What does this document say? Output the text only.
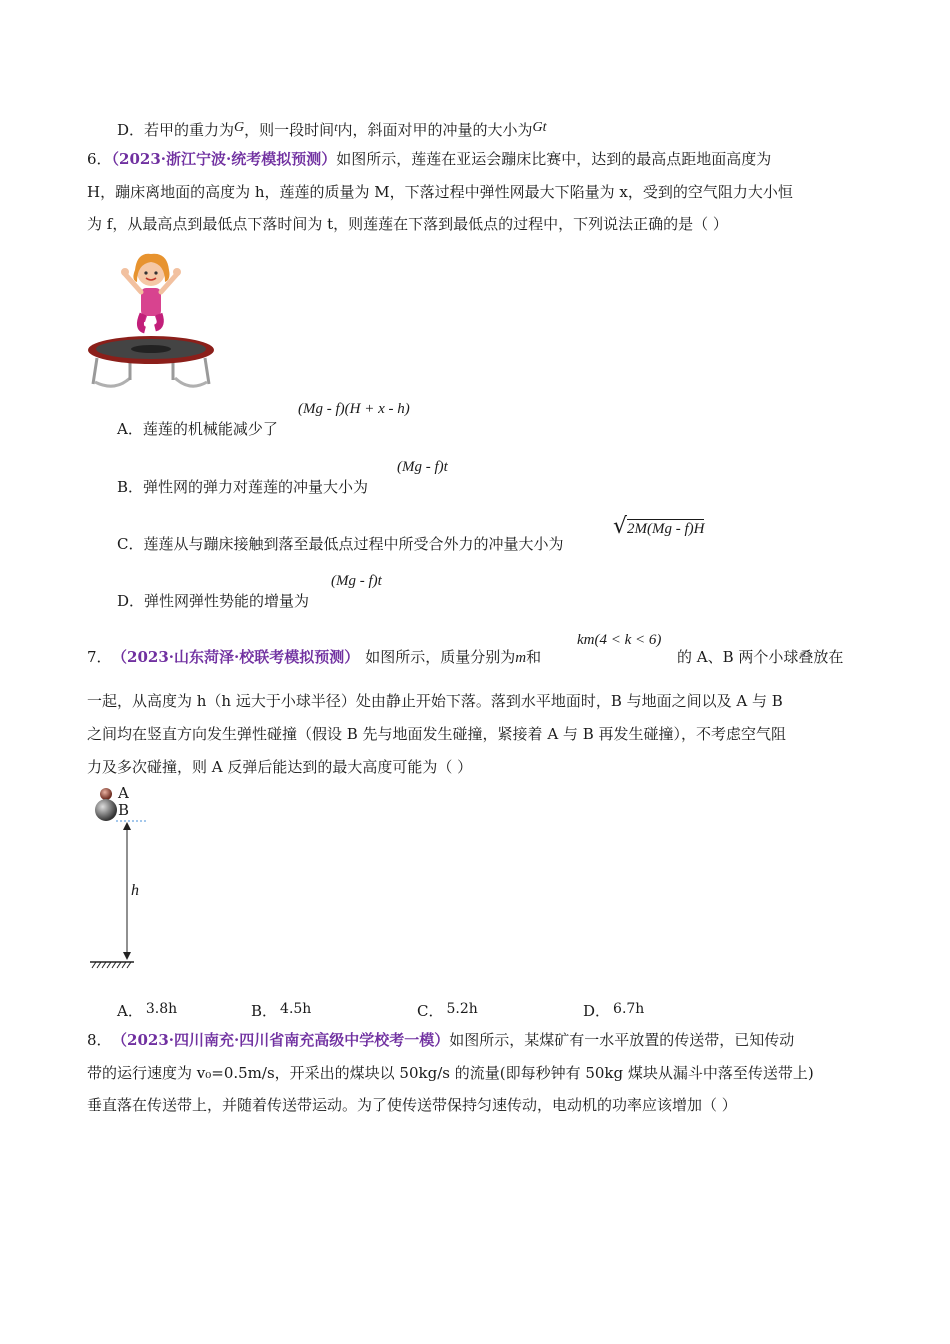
D．若甲的重力为G，则一段时间$^t$内，斜面对甲的冲量的大小为Gt
6．（2023·浙江宁波·统考模拟预测）如图所示，莲莲在亚运会蹦床比赛中，达到的最高点距地面高度为
H，蹦床离地面的高度为 h，莲莲的质量为 M，下落过程中弹性网最大下陷量为 x，受到的空气阻力大小恒
为 f，从最高点到最低点下落时间为 t，则莲莲在下落到最低点的过程中，下列说法正确的是（ ）
A．莲莲的机械能减少了
(Mg - f)(H + x - h)
B．弹性网的弹力对莲莲的冲量大小为
(Mg - f)t
C．莲莲从与蹦床接触到落至最低点过程中所受合外力的冲量大小为
√ 2M(Mg - f)H
D．弹性网弹性势能的增量为
(Mg - f)t
7． （2023·山东菏泽·校联考模拟预测） 如图所示，质量分别为m和
km(4 < k < 6)
的 A、B 两个小球叠放在
一起，从高度为 h（h 远大于小球半径）处由静止开始下落。落到水平地面时，B 与地面之间以及 A 与 B
之间均在竖直方向发生弹性碰撞（假设 B 先与地面发生碰撞，紧接着 A 与 B 再发生碰撞），不考虑空气阻
力及多次碰撞，则 A 反弹后能达到的最大高度可能为（ ）
A
B
h
A． 3.8h	B． 4.5h	C． 5.2h	D． 6.7h
8． （2023·四川南充·四川省南充高级中学校考一模）如图所示，某煤矿有一水平放置的传送带，已知传动
带的运行速度为 v₀=0.5m/s，开采出的煤块以 50kg/s 的流量(即每秒钟有 50kg 煤块从漏斗中落至传送带上)
垂直落在传送带上，并随着传送带运动。为了使传送带保持匀速传动，电动机的功率应该增加（ ）
